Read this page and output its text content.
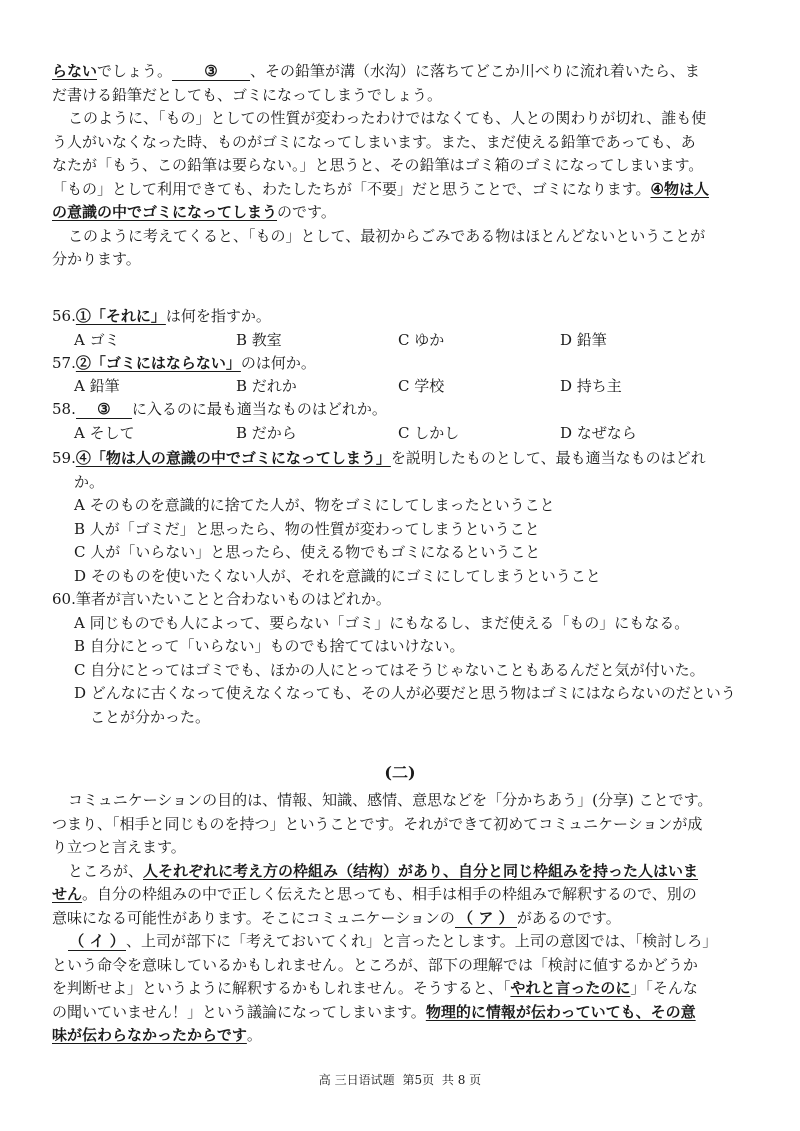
らないでしょう。 ③ 、その鉛筆が溝（水沟）に落ちてどこか川べりに流れ着いたら、ま
だ書ける鉛筆だとしても、ゴミになってしまうでしょう。
このように、「もの」としての性質が変わったわけではなくても、人との関わりが切れ、誰も使
う人がいなくなった時、ものがゴミになってしまいます。また、まだ使える鉛筆であっても、あ
なたが「もう、この鉛筆は要らない。」と思うと、その鉛筆はゴミ箱のゴミになってしまいます。
「もの」として利用できても、わたしたちが「不要」だと思うことで、ゴミになります。④物は人
の意識の中でゴミになってしまうのです。
このように考えてくると、「もの」として、最初からごみである物はほとんどないということが
分かります。
56.①「それに」は何を指すか。
A ゴミ	B 教室	C ゆか	D 鉛筆
57.②「ゴミにはならない」のは何か。
A 鉛筆	B だれか	C 学校	D 持ち主
58. ③ に入るのに最も適当なものはどれか。
A そして	B だから	C しかし	D なぜなら
59.④「物は人の意識の中でゴミになってしまう」を説明したものとして、最も適当なものはどれ
か。
A そのものを意識的に捨てた人が、物をゴミにしてしまったということ
B 人が「ゴミだ」と思ったら、物の性質が変わってしまうということ
C 人が「いらない」と思ったら、使える物でもゴミになるということ
D そのものを使いたくない人が、それを意識的にゴミにしてしまうということ
60.筆者が言いたいことと合わないものはどれか。
A 同じものでも人によって、要らない「ゴミ」にもなるし、まだ使える「もの」にもなる。
B 自分にとって「いらない」ものでも捨ててはいけない。
C 自分にとってはゴミでも、ほかの人にとってはそうじゃないこともあるんだと気が付いた。
D どんなに古くなって使えなくなっても、その人が必要だと思う物はゴミにはならないのだという
ことが分かった。
(二)
コミュニケーションの目的は、情報、知識、感情、意思などを「分かちあう」(分享) ことです。
つまり、「相手と同じものを持つ」ということです。それができて初めてコミュニケーションが成
り立つと言えます。
ところが、人それぞれに考え方の枠組み（结构）があり、自分と同じ枠組みを持った人はいま
せん。自分の枠組みの中で正しく伝えたと思っても、相手は相手の枠組みで解釈するので、別の
意味になる可能性があります。そこにコミュニケーションの （ ア ） があるのです。
（ イ ）、上司が部下に「考えておいてくれ」と言ったとします。上司の意図では、「検討しろ」
という命令を意味しているかもしれません。ところが、部下の理解では「検討に値するかどうか
を判断せよ」というように解釈するかもしれません。そうすると、「やれと言ったのに」「そんな
の聞いていません！」という議論になってしまいます。物理的に情報が伝わっていても、その意
味が伝わらなかったからです。
高 三日语试题 第5页 共 8 页
